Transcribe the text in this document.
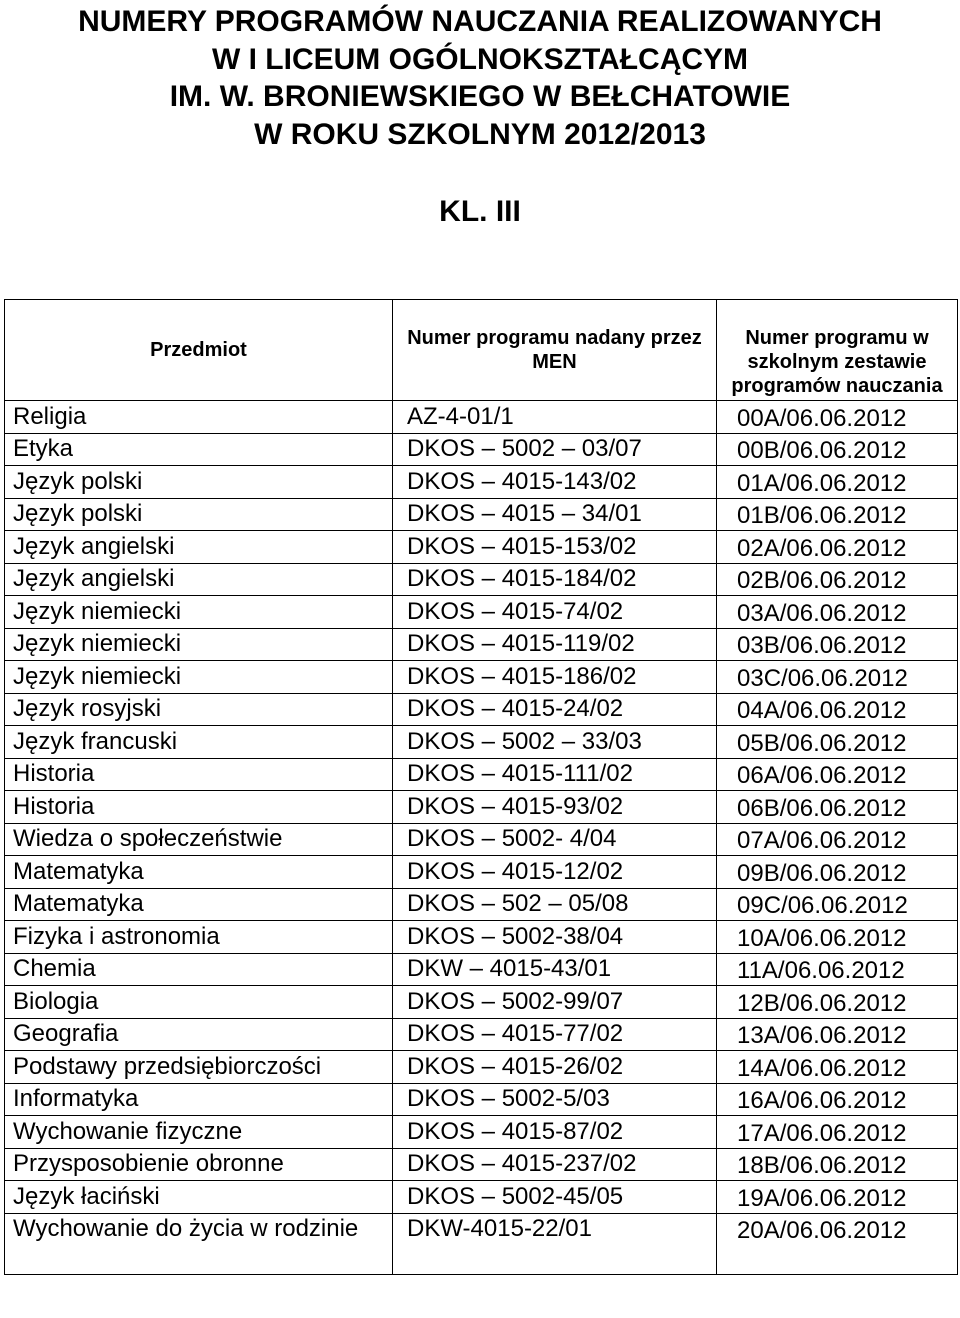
NUMERY PROGRAMÓW NAUCZANIA REALIZOWANYCH
W I LICEUM OGÓLNOKSZTAŁCĄCYM
IM. W. BRONIEWSKIEGO W BEŁCHATOWIE
W ROKU SZKOLNYM 2012/2013
KL. III
Przedmiot	Numer programu nadany przez MEN	Numer programu w szkolnym zestawie programów nauczania
Religia	AZ-4-01/1	00A/06.06.2012
Etyka	DKOS – 5002 – 03/07	00B/06.06.2012
Język polski	DKOS – 4015-143/02	01A/06.06.2012
Język polski	DKOS – 4015 – 34/01	01B/06.06.2012
Język angielski	DKOS – 4015-153/02	02A/06.06.2012
Język angielski	DKOS – 4015-184/02	02B/06.06.2012
Język niemiecki	DKOS – 4015-74/02	03A/06.06.2012
Język niemiecki	DKOS – 4015-119/02	03B/06.06.2012
Język niemiecki	DKOS – 4015-186/02	03C/06.06.2012
Język rosyjski	DKOS – 4015-24/02	04A/06.06.2012
Język francuski	DKOS – 5002 – 33/03	05B/06.06.2012
Historia	DKOS – 4015-111/02	06A/06.06.2012
Historia	DKOS – 4015-93/02	06B/06.06.2012
Wiedza o społeczeństwie	DKOS – 5002- 4/04	07A/06.06.2012
Matematyka	DKOS – 4015-12/02	09B/06.06.2012
Matematyka	DKOS – 502 – 05/08	09C/06.06.2012
Fizyka i astronomia	DKOS – 5002-38/04	10A/06.06.2012
Chemia	DKW – 4015-43/01	11A/06.06.2012
Biologia	DKOS – 5002-99/07	12B/06.06.2012
Geografia	DKOS – 4015-77/02	13A/06.06.2012
Podstawy przedsiębiorczości	DKOS – 4015-26/02	14A/06.06.2012
Informatyka	DKOS – 5002-5/03	16A/06.06.2012
Wychowanie fizyczne	DKOS – 4015-87/02	17A/06.06.2012
Przysposobienie obronne	DKOS – 4015-237/02	18B/06.06.2012
Język łaciński	DKOS – 5002-45/05	19A/06.06.2012
Wychowanie do życia w rodzinie	DKW-4015-22/01	20A/06.06.2012
